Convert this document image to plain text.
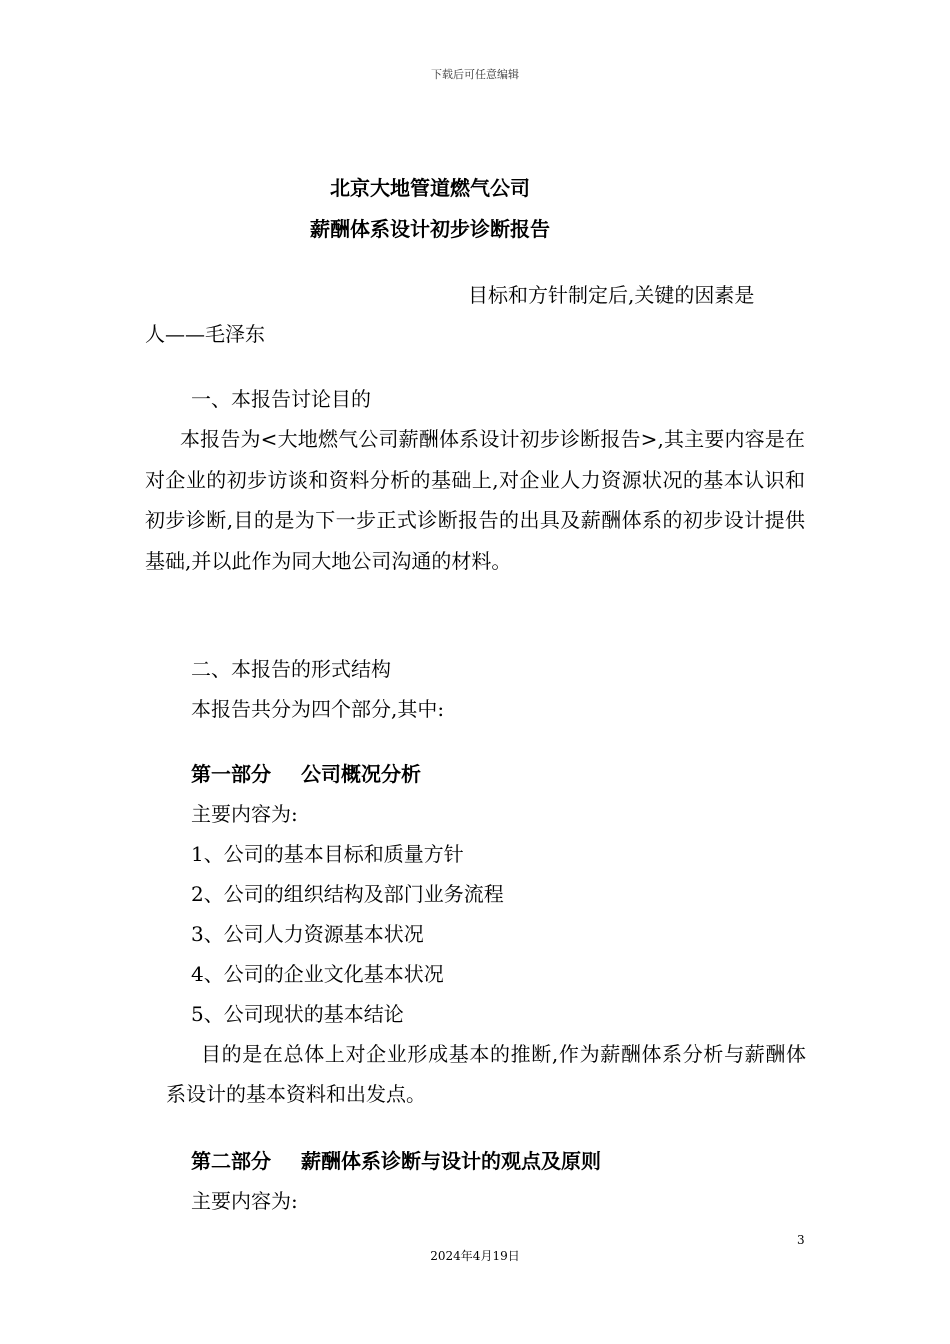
下载后可任意编辑
北京大地管道燃气公司
薪酬体系设计初步诊断报告
目标和方针制定后,关键的因素是
人——毛泽东
一、本报告讨论目的
本报告为<大地燃气公司薪酬体系设计初步诊断报告>,其主要内容是在对企业的初步访谈和资料分析的基础上,对企业人力资源状况的基本认识和初步诊断,目的是为下一步正式诊断报告的出具及薪酬体系的初步设计提供基础,并以此作为同大地公司沟通的材料。
二、本报告的形式结构
本报告共分为四个部分,其中:
第一部分 公司概况分析
主要内容为:
1、公司的基本目标和质量方针
2、公司的组织结构及部门业务流程
3、公司人力资源基本状况
4、公司的企业文化基本状况
5、公司现状的基本结论
目的是在总体上对企业形成基本的推断,作为薪酬体系分析与薪酬体系设计的基本资料和出发点。
第二部分 薪酬体系诊断与设计的观点及原则
主要内容为:
3
2024年4月19日
